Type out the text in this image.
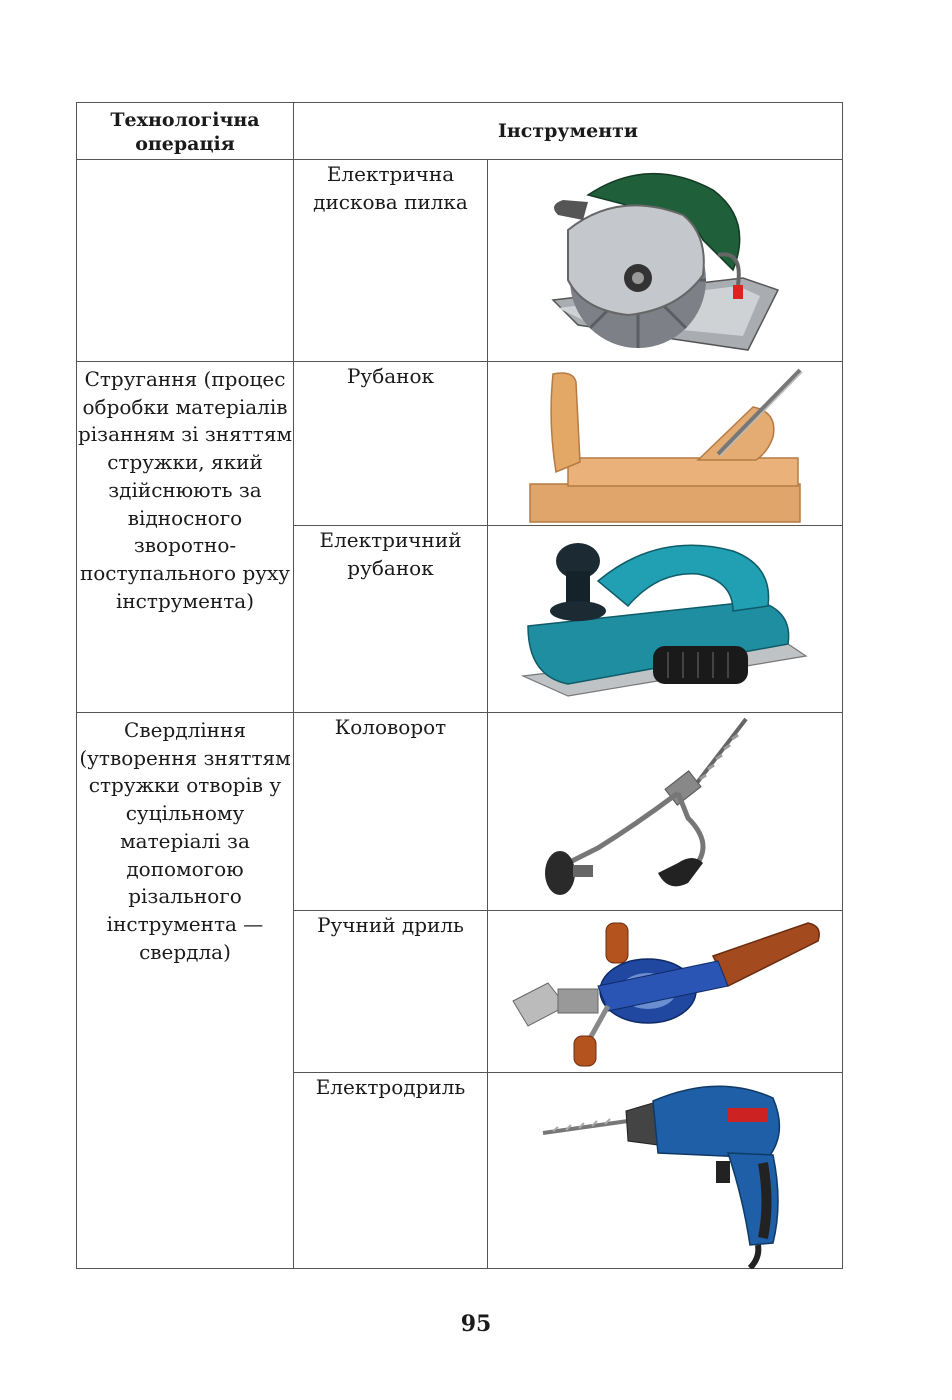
Технологічна операція	Інструменти	
	Електрична дискова пилка	

Стругання (процес обробки матеріалів різанням зі зняттям стружки, який здійснюють за відносного зворотно-поступального руху інструмента)	Рубанок	

	Електричний рубанок	

Свердління (утворення зняттям стружки отворів у суцільному матеріалі за допомогою різального інструмента — свердла)	Коловорот	

	Ручний дриль	

	Електродриль	
95
